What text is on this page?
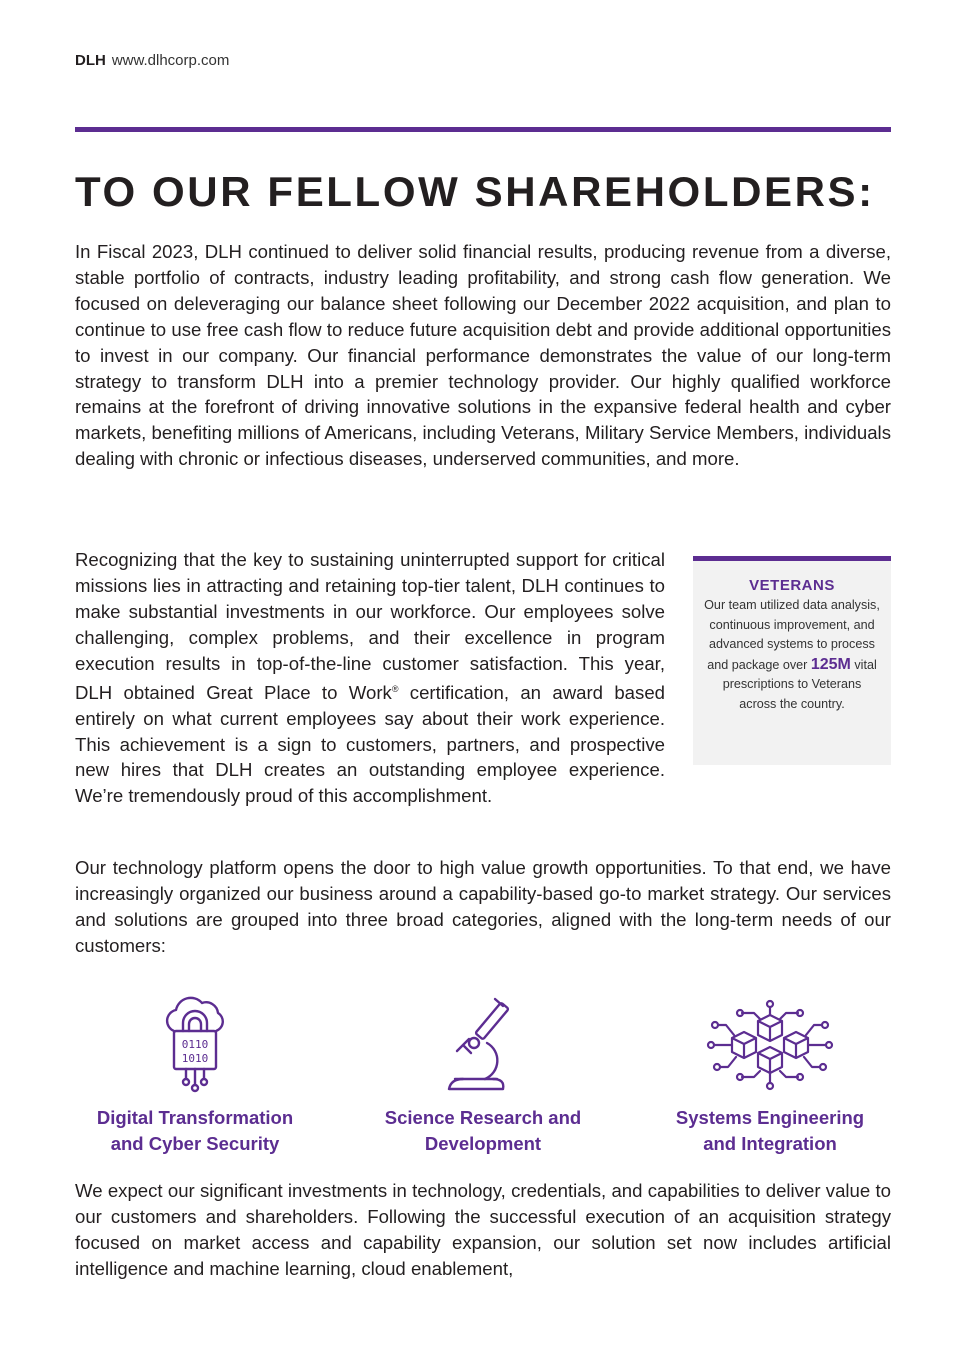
DLH www.dlhcorp.com
TO OUR FELLOW SHAREHOLDERS:

In Fiscal 2023, DLH continued to deliver solid financial results, producing revenue from a diverse, stable portfolio of contracts, industry leading profitability, and strong cash flow generation. We focused on deleveraging our balance sheet following our December 2022 acquisition, and plan to continue to use free cash flow to reduce future acquisition debt and provide additional opportunities to invest in our company. Our financial performance demonstrates the value of our long-term strategy to transform DLH into a premier technology provider. Our highly qualified workforce remains at the forefront of driving innovative solutions in the expansive federal health and cyber markets, benefiting millions of Americans, including Veterans, Military Service Members, individuals dealing with chronic or infectious diseases, underserved communities, and more.

VETERANS
Our team utilized data analysis, continuous improvement, and advanced systems to process and package over 125M vital prescriptions to Veterans across the country.
Recognizing that the key to sustaining uninterrupted support for critical missions lies in attracting and retaining top-tier talent, DLH continues to make substantial investments in our workforce. Our employees solve challenging, complex problems, and their excellence in program execution results in top-of-the-line customer satisfaction. This year, DLH obtained Great Place to Work® certification, an award based entirely on what current employees say about their work experience. This achievement is a sign to customers, partners, and prospective new hires that DLH creates an outstanding employee experience. We’re tremendously proud of this accomplishment.

Our technology platform opens the door to high value growth opportunities. To that end, we have increasingly organized our business around a capability-based go-to market strategy. Our services and solutions are grouped into three broad categories, aligned with the long-term needs of our customers:

0110
1010
Digital Transformation
and Cyber Security
Science Research and
Development
Systems Engineering
and Integration

We expect our significant investments in technology, credentials, and capabilities to deliver value to our customers and shareholders. Following the successful execution of an acquisition strategy focused on market access and capability expansion, our solution set now includes artificial intelligence and machine learning, cloud enablement,
